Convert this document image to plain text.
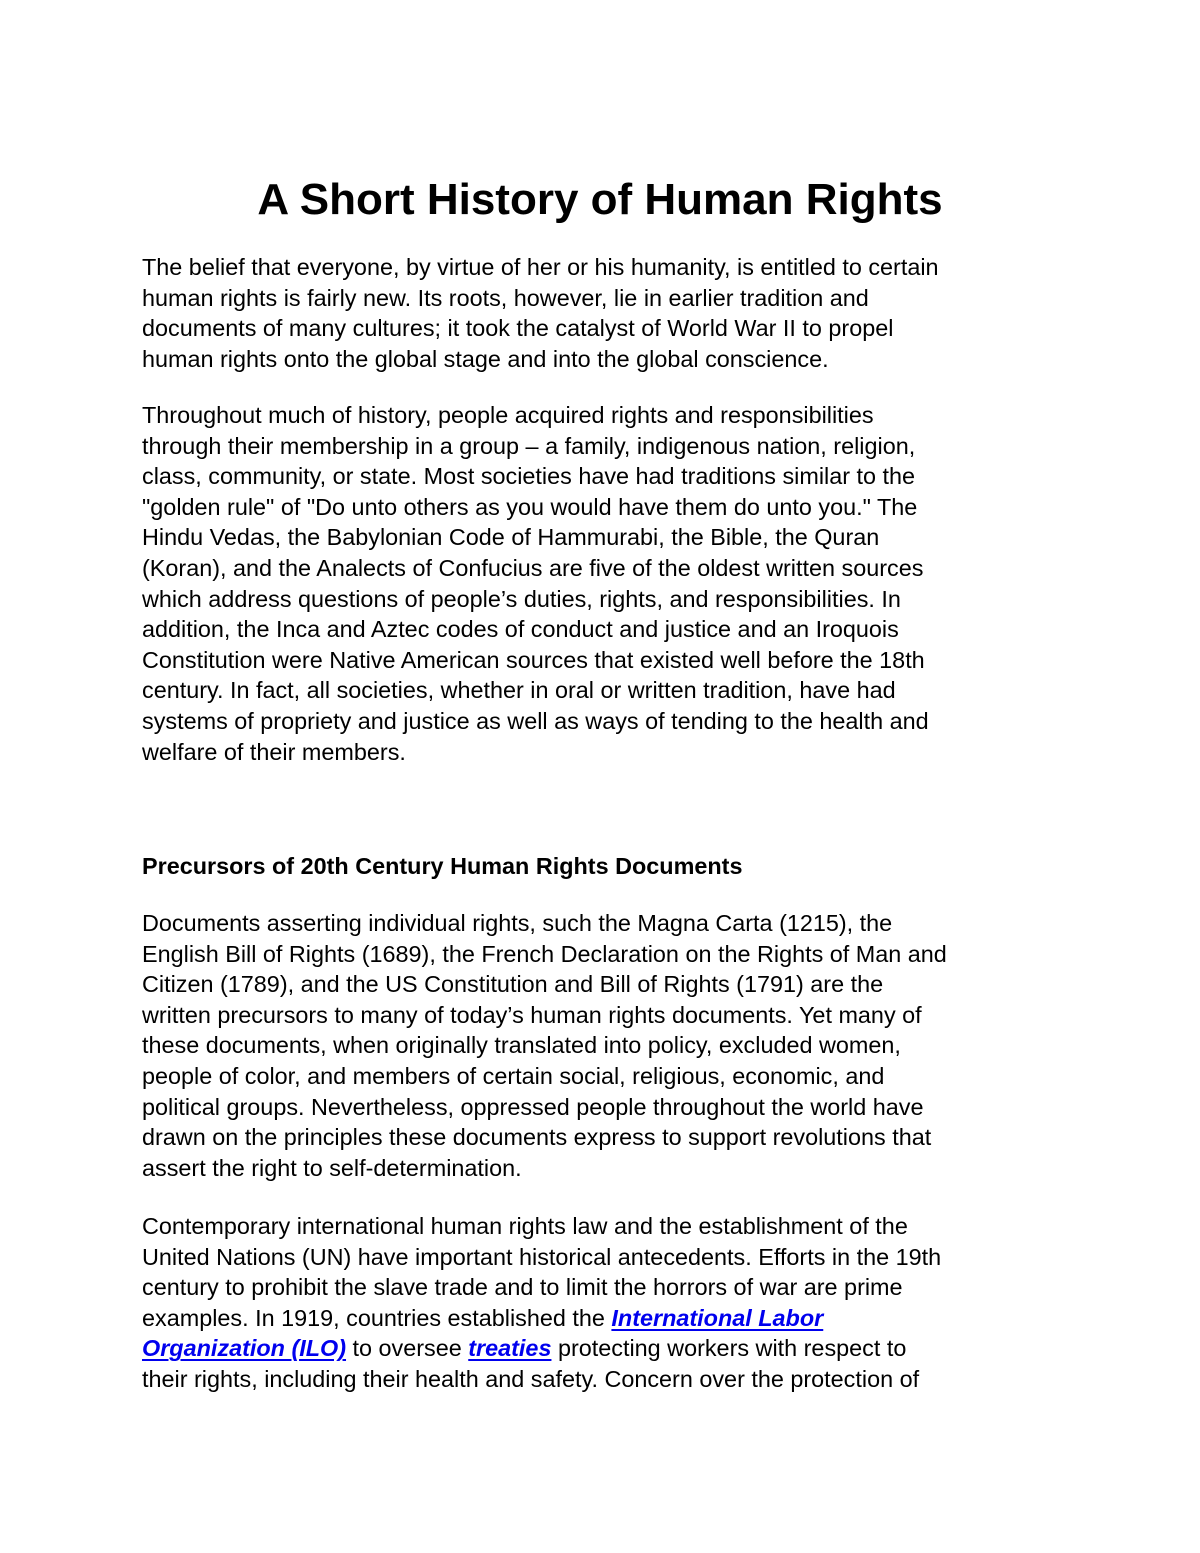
A Short History of Human Rights

The belief that everyone, by virtue of her or his humanity, is entitled to certain
human rights is fairly new. Its roots, however, lie in earlier tradition and
documents of many cultures; it took the catalyst of World War II to propel
human rights onto the global stage and into the global conscience.

Throughout much of history, people acquired rights and responsibilities
through their membership in a group – a family, indigenous nation, religion,
class, community, or state. Most societies have had traditions similar to the
"golden rule" of "Do unto others as you would have them do unto you." The
Hindu Vedas, the Babylonian Code of Hammurabi, the Bible, the Quran
(Koran), and the Analects of Confucius are five of the oldest written sources
which address questions of people’s duties, rights, and responsibilities. In
addition, the Inca and Aztec codes of conduct and justice and an Iroquois
Constitution were Native American sources that existed well before the 18th
century. In fact, all societies, whether in oral or written tradition, have had
systems of propriety and justice as well as ways of tending to the health and
welfare of their members.

Precursors of 20th Century Human Rights Documents

Documents asserting individual rights, such the Magna Carta (1215), the
English Bill of Rights (1689), the French Declaration on the Rights of Man and
Citizen (1789), and the US Constitution and Bill of Rights (1791) are the
written precursors to many of today’s human rights documents. Yet many of
these documents, when originally translated into policy, excluded women,
people of color, and members of certain social, religious, economic, and
political groups. Nevertheless, oppressed people throughout the world have
drawn on the principles these documents express to support revolutions that
assert the right to self-determination.

Contemporary international human rights law and the establishment of the
United Nations (UN) have important historical antecedents. Efforts in the 19th
century to prohibit the slave trade and to limit the horrors of war are prime
examples. In 1919, countries established the International Labor
Organization (ILO) to oversee treaties protecting workers with respect to
their rights, including their health and safety. Concern over the protection of
